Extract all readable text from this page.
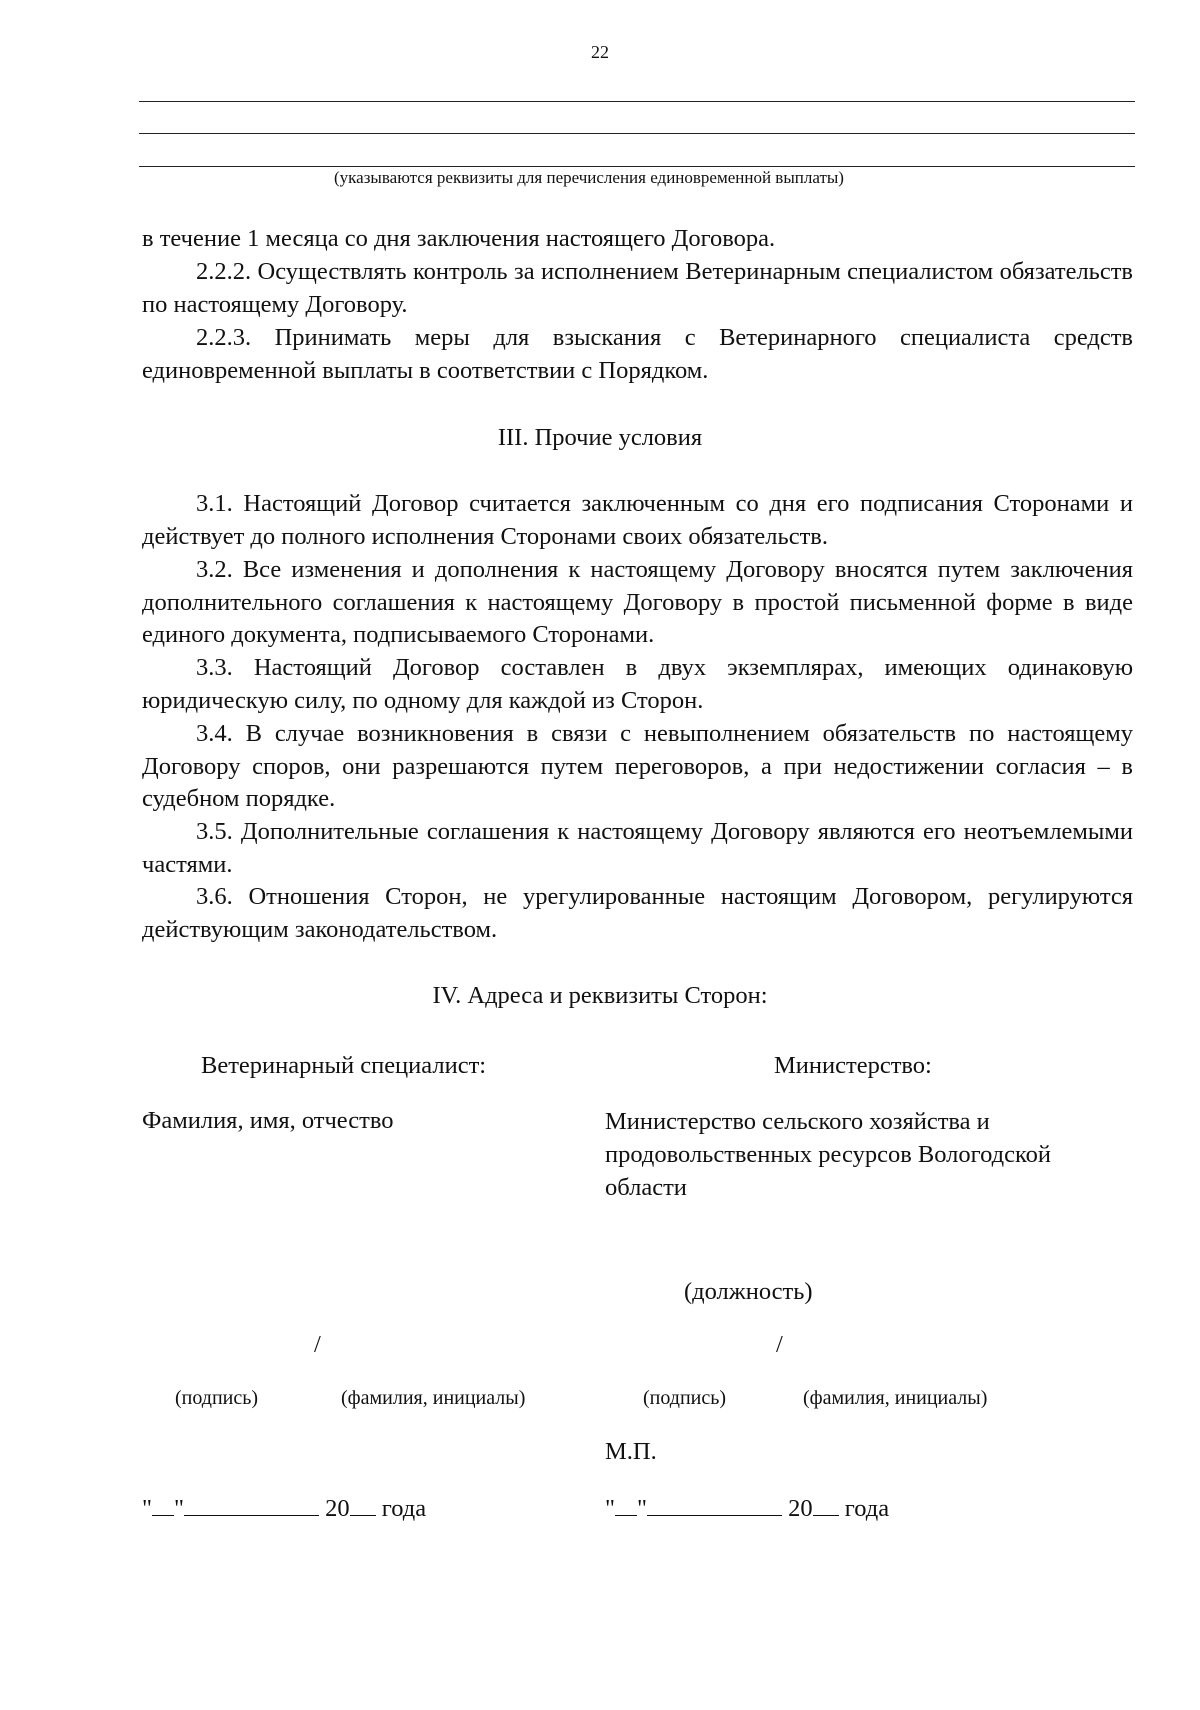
22
(указываются реквизиты для перечисления единовременной выплаты)
в течение 1 месяца со дня заключения настоящего Договора.
2.2.2. Осуществлять контроль за исполнением Ветеринарным специалистом обязательств по настоящему Договору.
2.2.3. Принимать меры для взыскания с Ветеринарного специалиста средств единовременной выплаты в соответствии с Порядком.
III. Прочие условия
3.1. Настоящий Договор считается заключенным со дня его подписания Сторонами и действует до полного исполнения Сторонами своих обязательств.
3.2. Все изменения и дополнения к настоящему Договору вносятся путем заключения дополнительного соглашения к настоящему Договору в простой письменной форме в виде единого документа, подписываемого Сторонами.
3.3. Настоящий Договор составлен в двух экземплярах, имеющих одинаковую юридическую силу, по одному для каждой из Сторон.
3.4. В случае возникновения в связи с невыполнением обязательств по настоящему Договору споров, они разрешаются путем переговоров, а при недостижении согласия – в судебном порядке.
3.5. Дополнительные соглашения к настоящему Договору являются его неотъемлемыми частями.
3.6. Отношения Сторон, не урегулированные настоящим Договором, регулируются действующим законодательством.
IV. Адреса и реквизиты Сторон:
Ветеринарный специалист:
Фамилия, имя, отчество
/
(подпись)	(фамилия, инициалы)
" "	20 года
Министерство:
Министерство сельского хозяйства и продовольственных ресурсов Вологодской области
(должность)
/
(подпись)	(фамилия, инициалы)
М.П.
" "	20 года
